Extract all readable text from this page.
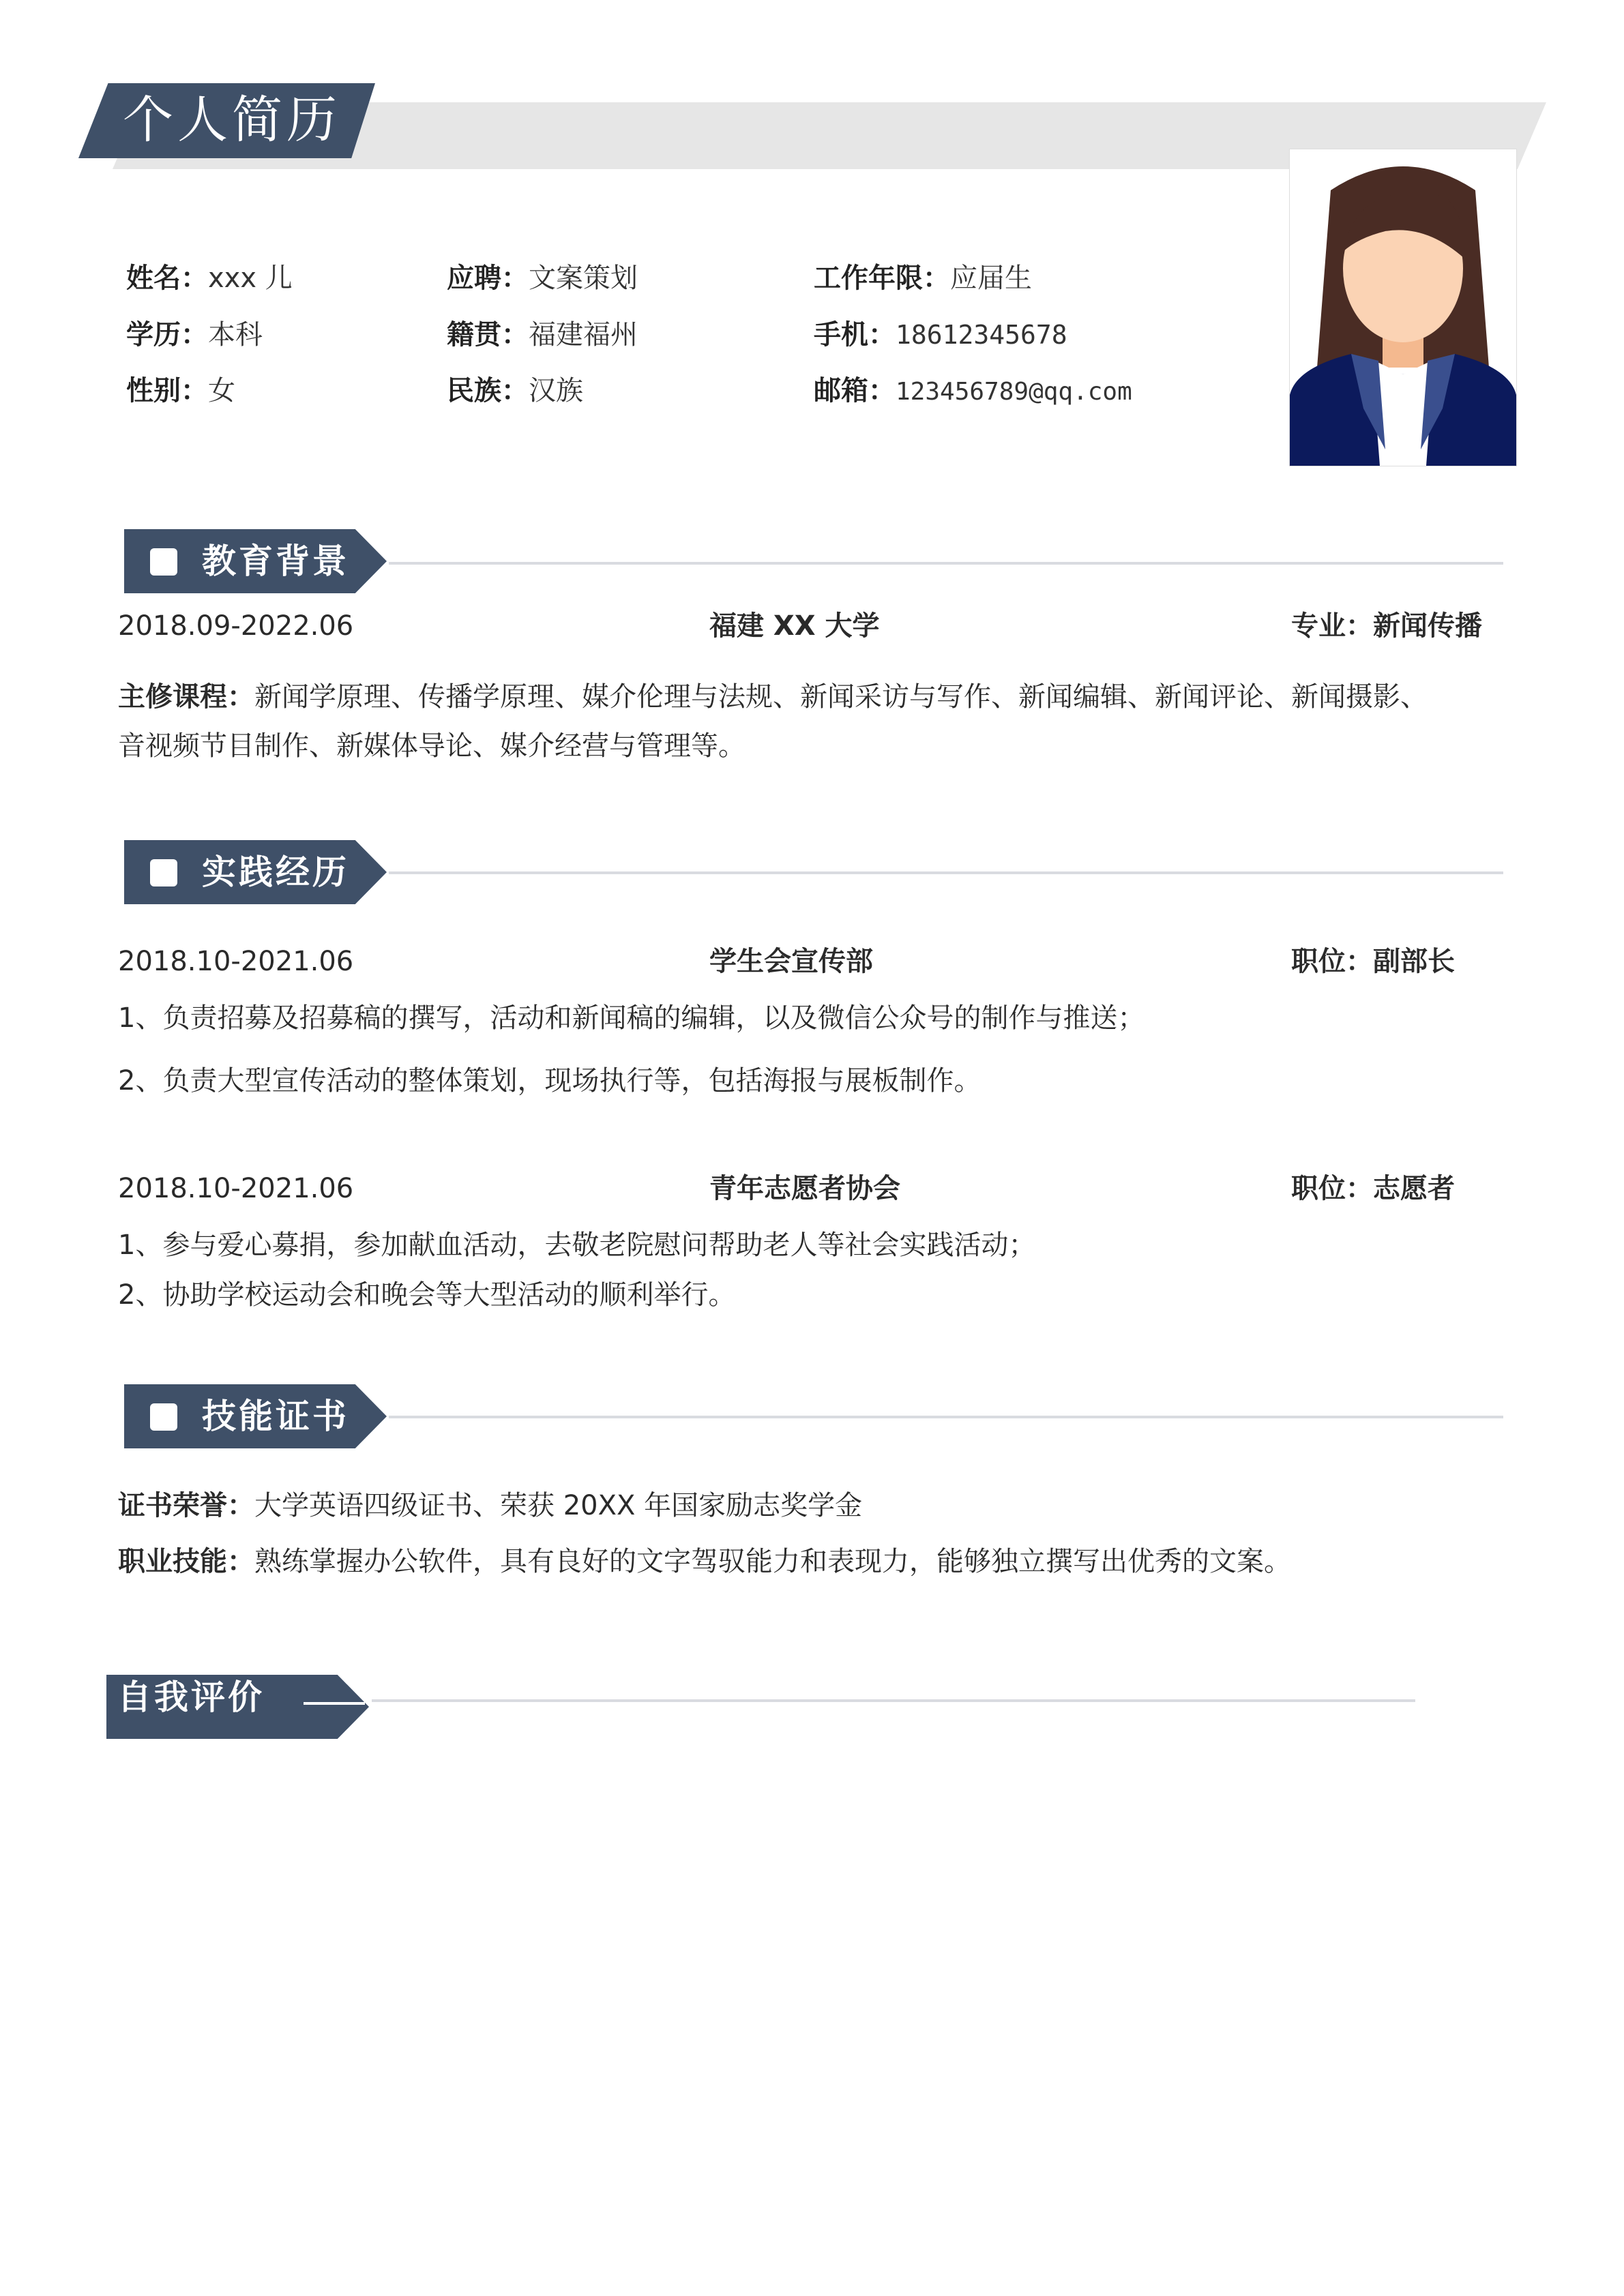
个人简历
姓名：xxx 儿	应聘：文案策划	工作年限：应届生
学历：本科	籍贯：福建福州	手机：18612345678
性别：女	民族：汉族	邮箱：123456789@qq.com
教育背景
2018.09-2022.06	福建 XX 大学	专业：新闻传播
主修课程：新闻学原理、传播学原理、媒介伦理与法规、新闻采访与写作、新闻编辑、新闻评论、新闻摄影、
音视频节目制作、新媒体导论、媒介经营与管理等。
实践经历
2018.10-2021.06	学生会宣传部	职位：副部长
1、负责招募及招募稿的撰写，活动和新闻稿的编辑，以及微信公众号的制作与推送；
2、负责大型宣传活动的整体策划，现场执行等，包括海报与展板制作。
2018.10-2021.06	青年志愿者协会	职位：志愿者
1、参与爱心募捐，参加献血活动，去敬老院慰问帮助老人等社会实践活动；
2、协助学校运动会和晚会等大型活动的顺利举行。
技能证书
证书荣誉：大学英语四级证书、荣获 20XX 年国家励志奖学金
职业技能：熟练掌握办公软件，具有良好的文字驾驭能力和表现力，能够独立撰写出优秀的文案。
自我评价
